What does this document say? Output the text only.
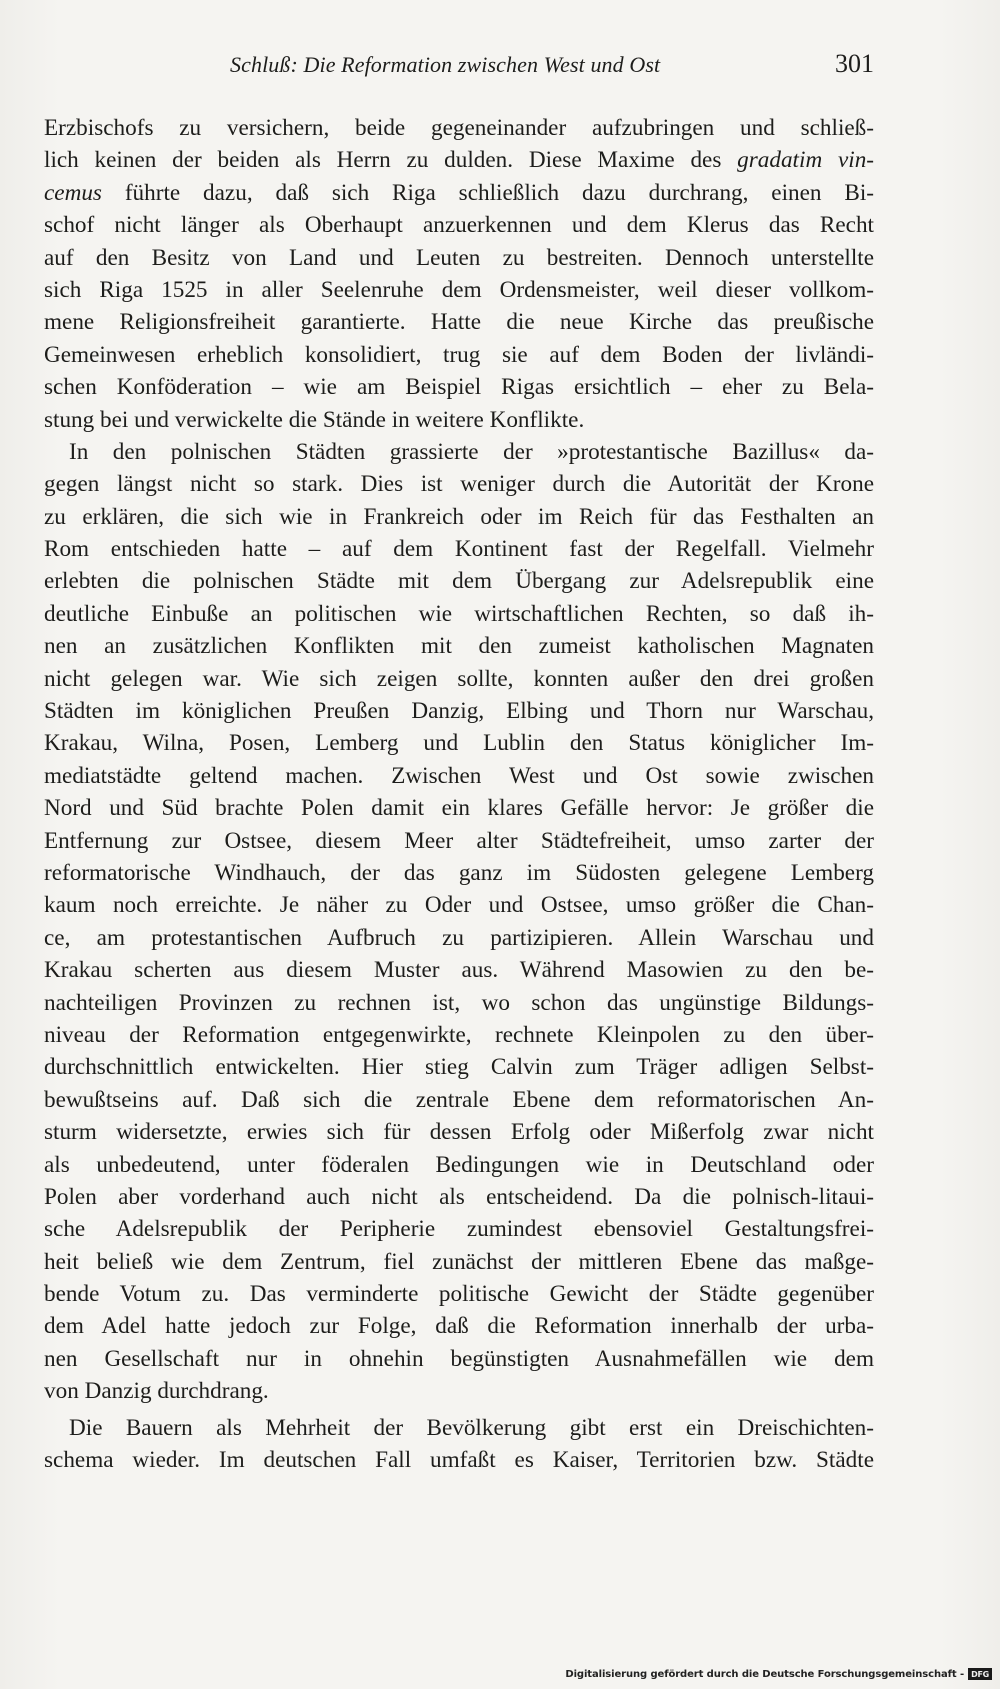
Schluß: Die Reformation zwischen West und Ost	301
Erzbischofs zu versichern, beide gegeneinander aufzubringen und schließ-
lich keinen der beiden als Herrn zu dulden. Diese Maxime des gradatim vin-
cemus führte dazu, daß sich Riga schließlich dazu durchrang, einen Bi-
schof nicht länger als Oberhaupt anzuerkennen und dem Klerus das Recht
auf den Besitz von Land und Leuten zu bestreiten. Dennoch unterstellte
sich Riga 1525 in aller Seelenruhe dem Ordensmeister, weil dieser vollkom-
mene Religionsfreiheit garantierte. Hatte die neue Kirche das preußische
Gemeinwesen erheblich konsolidiert, trug sie auf dem Boden der livländi-
schen Konföderation – wie am Beispiel Rigas ersichtlich – eher zu Bela-
stung bei und verwickelte die Stände in weitere Konflikte.
In den polnischen Städten grassierte der »protestantische Bazillus« da-
gegen längst nicht so stark. Dies ist weniger durch die Autorität der Krone
zu erklären, die sich wie in Frankreich oder im Reich für das Festhalten an
Rom entschieden hatte – auf dem Kontinent fast der Regelfall. Vielmehr
erlebten die polnischen Städte mit dem Übergang zur Adelsrepublik eine
deutliche Einbuße an politischen wie wirtschaftlichen Rechten, so daß ih-
nen an zusätzlichen Konflikten mit den zumeist katholischen Magnaten
nicht gelegen war. Wie sich zeigen sollte, konnten außer den drei großen
Städten im königlichen Preußen Danzig, Elbing und Thorn nur Warschau,
Krakau, Wilna, Posen, Lemberg und Lublin den Status königlicher Im-
mediatstädte geltend machen. Zwischen West und Ost sowie zwischen
Nord und Süd brachte Polen damit ein klares Gefälle hervor: Je größer die
Entfernung zur Ostsee, diesem Meer alter Städtefreiheit, umso zarter der
reformatorische Windhauch, der das ganz im Südosten gelegene Lemberg
kaum noch erreichte. Je näher zu Oder und Ostsee, umso größer die Chan-
ce, am protestantischen Aufbruch zu partizipieren. Allein Warschau und
Krakau scherten aus diesem Muster aus. Während Masowien zu den be-
nachteiligen Provinzen zu rechnen ist, wo schon das ungünstige Bildungs-
niveau der Reformation entgegenwirkte, rechnete Kleinpolen zu den über-
durchschnittlich entwickelten. Hier stieg Calvin zum Träger adligen Selbst-
bewußtseins auf. Daß sich die zentrale Ebene dem reformatorischen An-
sturm widersetzte, erwies sich für dessen Erfolg oder Mißerfolg zwar nicht
als unbedeutend, unter föderalen Bedingungen wie in Deutschland oder
Polen aber vorderhand auch nicht als entscheidend. Da die polnisch-litaui-
sche Adelsrepublik der Peripherie zumindest ebensoviel Gestaltungsfrei-
heit beließ wie dem Zentrum, fiel zunächst der mittleren Ebene das maßge-
bende Votum zu. Das verminderte politische Gewicht der Städte gegenüber
dem Adel hatte jedoch zur Folge, daß die Reformation innerhalb der urba-
nen Gesellschaft nur in ohnehin begünstigten Ausnahmefällen wie dem
von Danzig durchdrang.
Die Bauern als Mehrheit der Bevölkerung gibt erst ein Dreischichten-
schema wieder. Im deutschen Fall umfaßt es Kaiser, Territorien bzw. Städte
Digitalisierung gefördert durch die Deutsche Forschungsgemeinschaft - DFG
